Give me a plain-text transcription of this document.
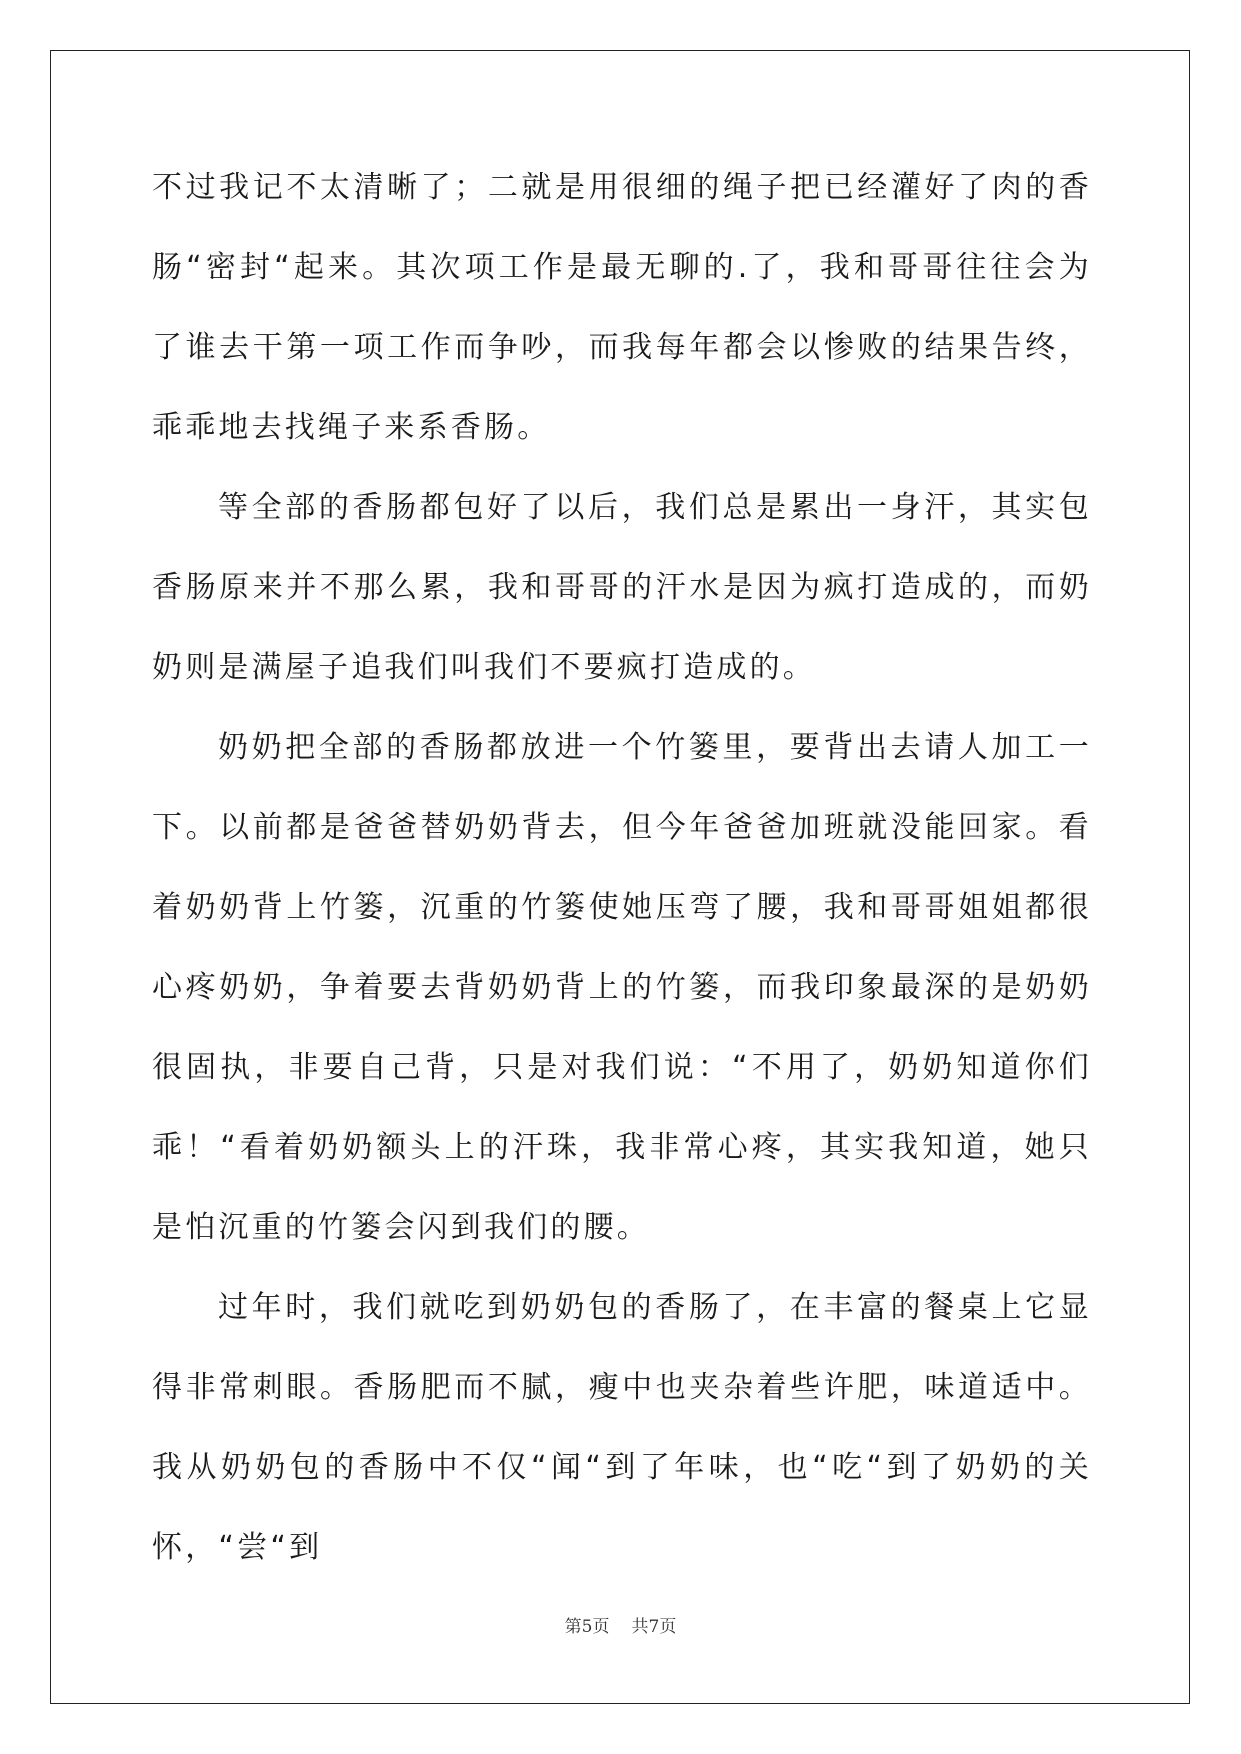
不过我记不太清晰了；二就是用很细的绳子把已经灌好了肉的香肠“密封“起来。其次项工作是最无聊的.了，我和哥哥往往会为了谁去干第一项工作而争吵，而我每年都会以惨败的结果告终，乖乖地去找绳子来系香肠。

等全部的香肠都包好了以后，我们总是累出一身汗，其实包香肠原来并不那么累，我和哥哥的汗水是因为疯打造成的，而奶奶则是满屋子追我们叫我们不要疯打造成的。

奶奶把全部的香肠都放进一个竹篓里，要背出去请人加工一下。以前都是爸爸替奶奶背去，但今年爸爸加班就没能回家。看着奶奶背上竹篓，沉重的竹篓使她压弯了腰，我和哥哥姐姐都很心疼奶奶，争着要去背奶奶背上的竹篓，而我印象最深的是奶奶很固执，非要自己背，只是对我们说：“不用了，奶奶知道你们乖！“看着奶奶额头上的汗珠，我非常心疼，其实我知道，她只是怕沉重的竹篓会闪到我们的腰。

过年时，我们就吃到奶奶包的香肠了，在丰富的餐桌上它显得非常刺眼。香肠肥而不腻，瘦中也夹杂着些许肥，味道适中。我从奶奶包的香肠中不仅“闻“到了年味，也“吃“到了奶奶的关怀，“尝“到

第5页 共7页
